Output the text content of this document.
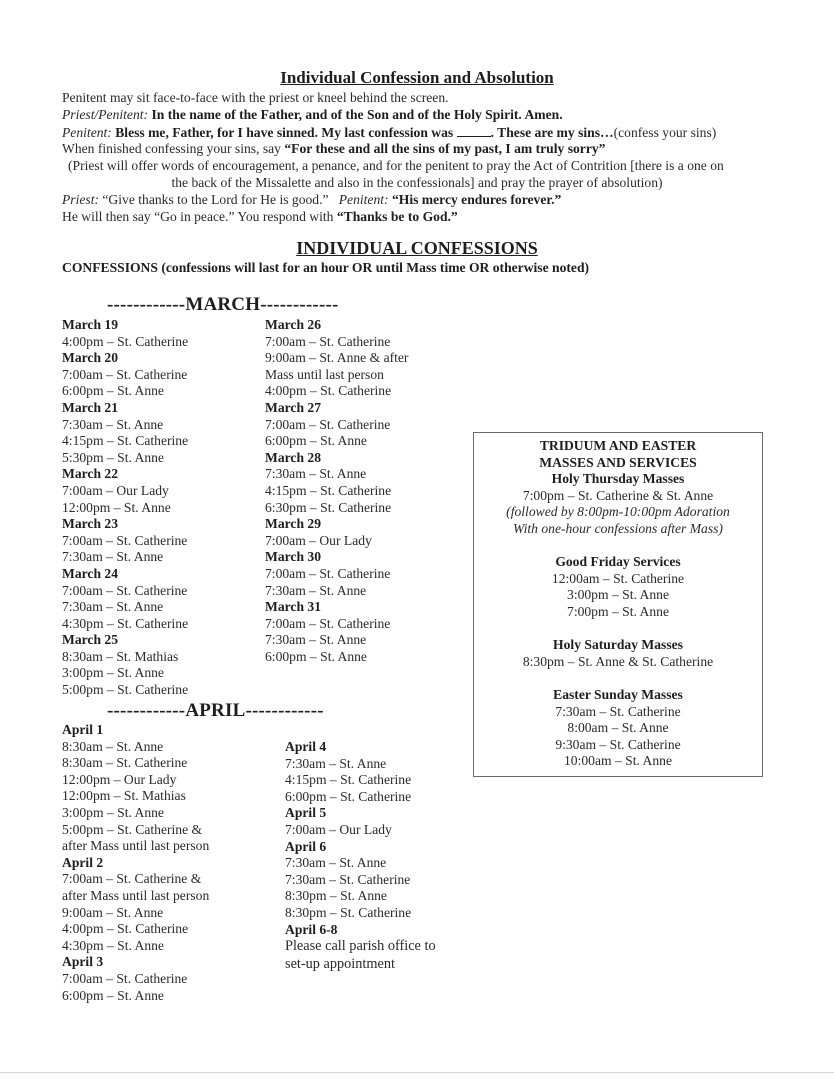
Individual Confession and Absolution
Penitent may sit face-to-face with the priest or kneel behind the screen.
Priest/Penitent: In the name of the Father, and of the Son and of the Holy Spirit. Amen.
Penitent: Bless me, Father, for I have sinned. My last confession was	. These are my sins…(confess your sins)
When finished confessing your sins, say “For these and all the sins of my past, I am truly sorry”
(Priest will offer words of encouragement, a penance, and for the penitent to pray the Act of Contrition [there is a one on
the back of the Missalette and also in the confessionals] and pray the prayer of absolution)
Priest: “Give thanks to the Lord for He is good.”   Penitent: “His mercy endures forever.”
He will then say “Go in peace.” You respond with “Thanks be to God.”
INDIVIDUAL CONFESSIONS
CONFESSIONS (confessions will last for an hour OR until Mass time OR otherwise noted)
------------MARCH------------
March 19
4:00pm – St. Catherine
March 20
7:00am – St. Catherine
6:00pm – St. Anne
March 21
7:30am – St. Anne
4:15pm – St. Catherine
5:30pm – St. Anne
March 22
7:00am – Our Lady
12:00pm – St. Anne
March 23
7:00am – St. Catherine
7:30am – St. Anne
March 24
7:00am – St. Catherine
7:30am – St. Anne
4:30pm – St. Catherine
March 25
8:30am – St. Mathias
3:00pm – St. Anne
5:00pm – St. Catherine
March 26
7:00am – St. Catherine
9:00am – St. Anne & after
Mass until last person
4:00pm – St. Catherine
March 27
7:00am – St. Catherine
6:00pm – St. Anne
March 28
7:30am – St. Anne
4:15pm – St. Catherine
6:30pm – St. Catherine
March 29
7:00am – Our Lady
March 30
7:00am – St. Catherine
7:30am – St. Anne
March 31
7:00am – St. Catherine
7:30am – St. Anne
6:00pm – St. Anne
------------APRIL------------
April 1
8:30am – St. Anne
8:30am – St. Catherine
12:00pm – Our Lady
12:00pm – St. Mathias
3:00pm – St. Anne
5:00pm – St. Catherine &
after Mass until last person
April 2
7:00am – St. Catherine &
after Mass until last person
9:00am – St. Anne
4:00pm – St. Catherine
4:30pm – St. Anne
April 3
7:00am – St. Catherine
6:00pm – St. Anne
April 4
7:30am – St. Anne
4:15pm – St. Catherine
6:00pm – St. Catherine
April 5
7:00am – Our Lady
April 6
7:30am – St. Anne
7:30am – St. Catherine
8:30pm – St. Anne
8:30pm – St. Catherine
April 6-8
Please call parish office to
set-up appointment
TRIDUUM AND EASTER
MASSES AND SERVICES
Holy Thursday Masses
7:00pm – St. Catherine & St. Anne
(followed by 8:00pm-10:00pm Adoration
With one-hour confessions after Mass)
Good Friday Services
12:00am – St. Catherine
3:00pm – St. Anne
7:00pm – St. Anne
Holy Saturday Masses
8:30pm – St. Anne & St. Catherine
Easter Sunday Masses
7:30am – St. Catherine
8:00am – St. Anne
9:30am – St. Catherine
10:00am – St. Anne
